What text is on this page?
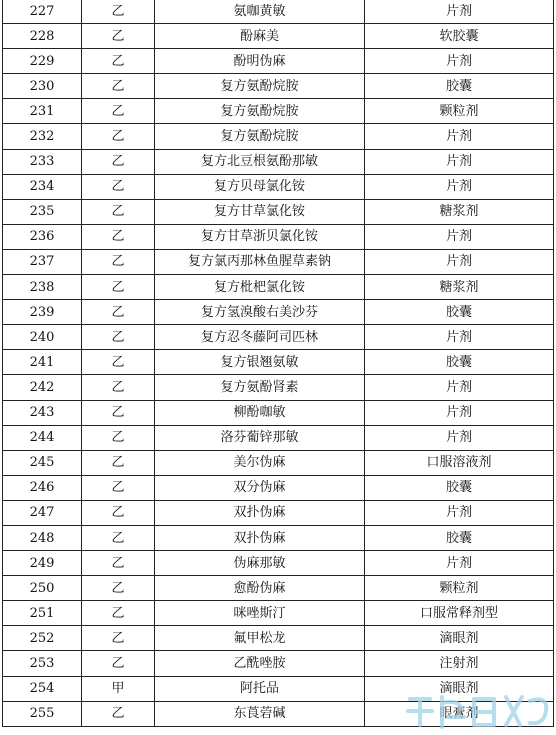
227	乙	氨咖黄敏	片剂
228	乙	酚麻美	软胶囊
229	乙	酚明伪麻	片剂
230	乙	复方氨酚烷胺	胶囊
231	乙	复方氨酚烷胺	颗粒剂
232	乙	复方氨酚烷胺	片剂
233	乙	复方北豆根氨酚那敏	片剂
234	乙	复方贝母氯化铵	片剂
235	乙	复方甘草氯化铵	糖浆剂
236	乙	复方甘草浙贝氯化铵	片剂
237	乙	复方氯丙那林鱼腥草素钠	片剂
238	乙	复方枇杷氯化铵	糖浆剂
239	乙	复方氢溴酸右美沙芬	胶囊
240	乙	复方忍冬藤阿司匹林	片剂
241	乙	复方银翘氨敏	胶囊
242	乙	复方氨酚肾素	片剂
243	乙	柳酚咖敏	片剂
244	乙	洛芬葡锌那敏	片剂
245	乙	美尔伪麻	口服溶液剂
246	乙	双分伪麻	胶囊
247	乙	双扑伪麻	片剂
248	乙	双扑伪麻	胶囊
249	乙	伪麻那敏	片剂
250	乙	愈酚伪麻	颗粒剂
251	乙	咪唑斯汀	口服常释剂型
252	乙	氟甲松龙	滴眼剂
253	乙	乙酰唑胺	注射剂
254	甲	阿托品	滴眼剂
255	乙	东莨菪碱	眼膏剂
